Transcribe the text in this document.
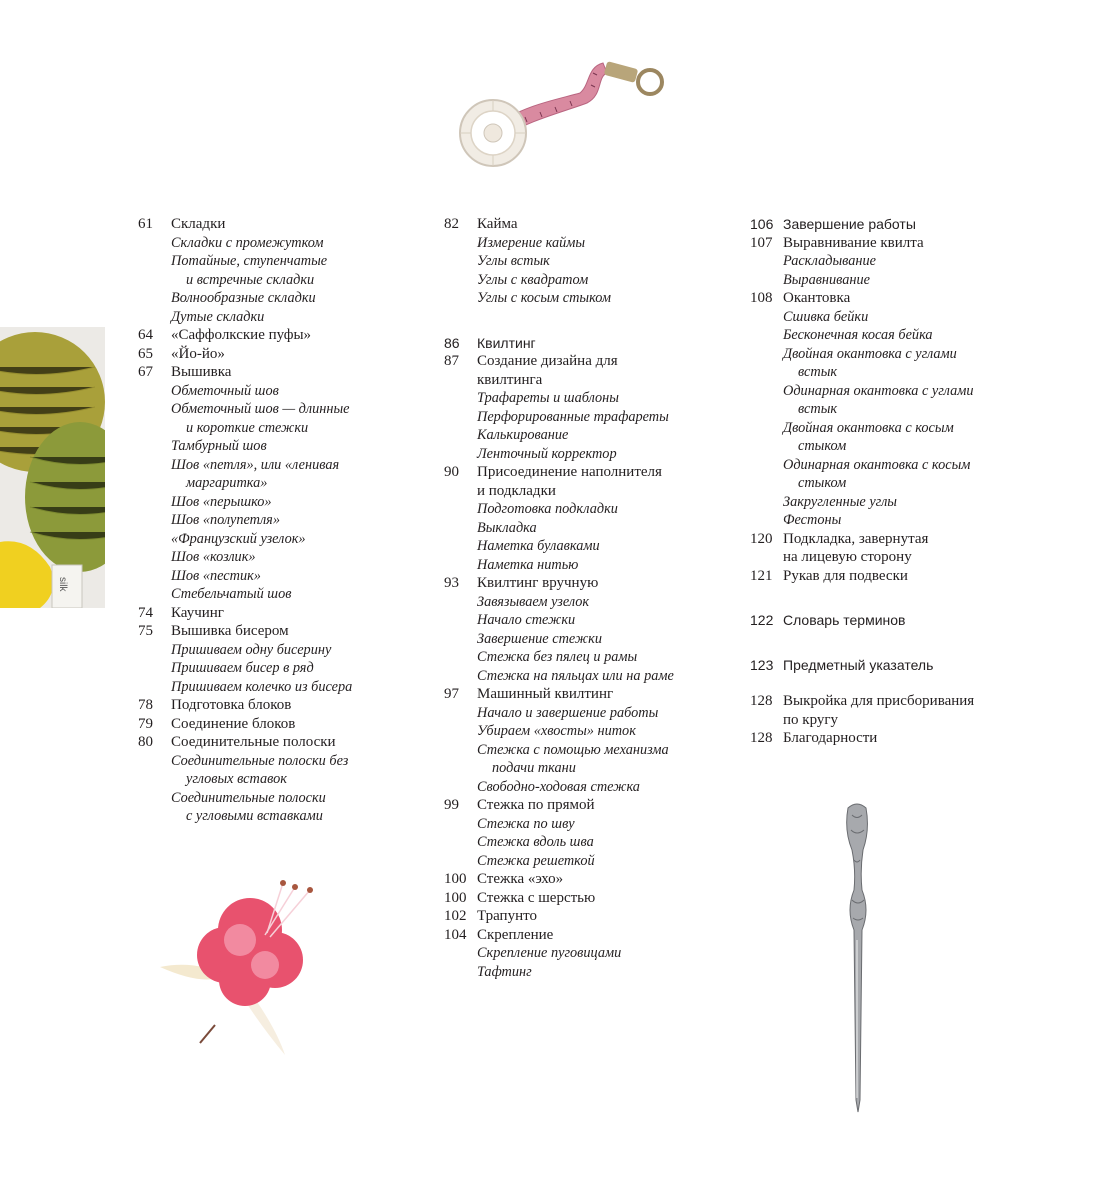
silk
61	Складки
Складки с промежутком
Потайные, ступенчатые
и встречные складки
Волнообразные складки
Дутые складки
64	«Саффолкские пуфы»
65	«Йо-йо»
67	Вышивка
Обметочный шов
Обметочный шов — длинные
и короткие стежки
Тамбурный шов
Шов «петля», или «ленивая
маргаритка»
Шов «перышко»
Шов «полупетля»
«Французский узелок»
Шов «козлик»
Шов «пестик»
Стебельчатый шов
74	Каучинг
75	Вышивка бисером
Пришиваем одну бисерину
Пришиваем бисер в ряд
Пришиваем колечко из бисера
78	Подготовка блоков
79	Соединение блоков
80	Соединительные полоски
Соединительные полоски без
угловых вставок
Соединительные полоски
с угловыми вставками
82	Кайма
Измерение каймы
Углы встык
Углы с квадратом
Углы с косым стыком
86	Квилтинг
87	Создание дизайна для
квилтинга
Трафареты и шаблоны
Перфорированные трафареты
Калькирование
Ленточный корректор
90	Присоединение наполнителя
и подкладки
Подготовка подкладки
Выкладка
Наметка булавками
Наметка нитью
93	Квилтинг вручную
Завязываем узелок
Начало стежки
Завершение стежки
Стежка без пялец и рамы
Стежка на пяльцах или на раме
97	Машинный квилтинг
Начало и завершение работы
Убираем «хвосты» ниток
Стежка с помощью механизма
подачи ткани
Свободно-ходовая стежка
99	Стежка по прямой
Стежка по шву
Стежка вдоль шва
Стежка решеткой
100 Стежка «эхо»
100 Стежка с шерстью
102 Трапунто
104 Скрепление
Скрепление пуговицами
Тафтинг
106 Завершение работы
107 Выравнивание квилта
Раскладывание
Выравнивание
108 Окантовка
Сшивка бейки
Бесконечная косая бейка
Двойная окантовка с углами
встык
Одинарная окантовка с углами
встык
Двойная окантовка с косым
стыком
Одинарная окантовка с косым
стыком
Закругленные углы
Фестоны
120 Подкладка, завернутая
на лицевую сторону
121 Рукав для подвески
122 Словарь терминов
123 Предметный указатель
128 Выкройка для присборивания
по кругу
128 Благодарности
